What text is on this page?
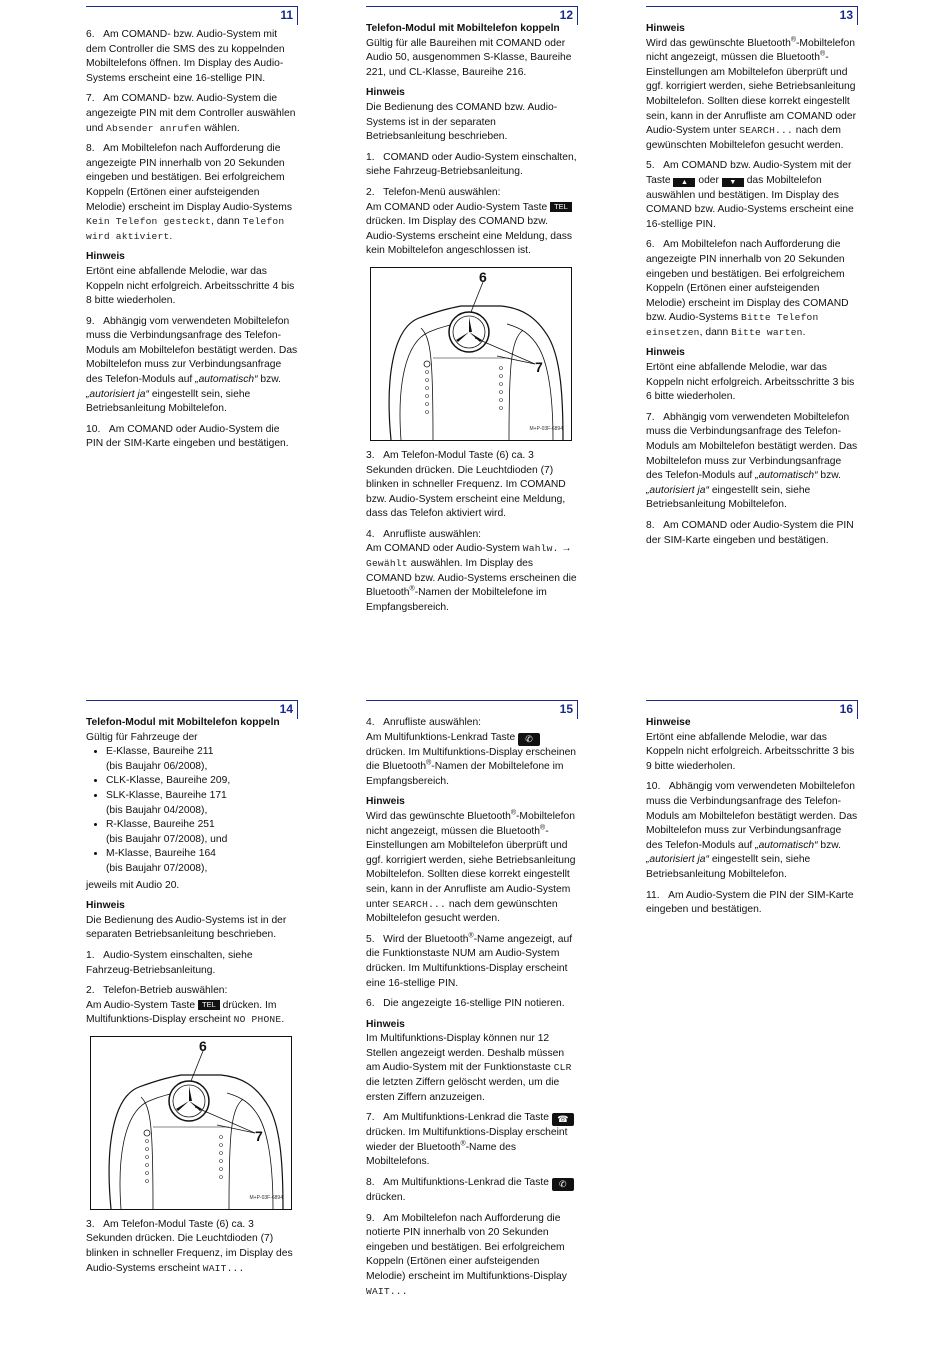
11

6.   Am COMAND- bzw. Audio-System mit dem Controller die SMS des zu koppelnden Mobiltelefons öffnen. Im Display des Audio-Systems erscheint eine 16-stellige PIN.

7.   Am COMAND- bzw. Audio-System die angezeigte PIN mit dem Controller auswählen und Absender anrufen wählen.

8.   Am Mobiltelefon nach Aufforderung die angezeigte PIN innerhalb von 20 Sekunden eingeben und bestätigen. Bei erfolgreichem Koppeln (Ertönen einer aufsteigenden Melodie) erscheint im Display Audio-Systems Kein Telefon gesteckt, dann Telefon wird aktiviert.

Hinweis

Ertönt eine abfallende Melodie, war das Koppeln nicht erfolgreich. Arbeitsschritte 4 bis 8 bitte wiederholen.

9.   Abhängig vom verwendeten Mobiltelefon muss die Verbindungsanfrage des Telefon-Moduls am Mobiltelefon bestätigt werden. Das Mobiltelefon muss zur Verbindungsanfrage des Telefon-Moduls auf „automatisch“ bzw. „autorisiert ja“ eingestellt sein, siehe Betriebsanleitung Mobiltelefon.

10.   Am COMAND oder Audio-System die PIN der SIM-Karte eingeben und bestätigen.

12
Telefon-Modul mit Mobiltelefon koppeln

Gültig für alle Baureihen mit COMAND oder Audio 50, ausgenommen S-Klasse, Baureihe 221, und CL-Klasse, Baureihe 216.

Hinweis

Die Bedienung des COMAND bzw. Audio-Systems ist in der separaten Betriebsanleitung beschrieben.

1.   COMAND oder Audio-System einschalten, siehe Fahrzeug-Betriebsanleitung.

2.   Telefon-Menü auswählen:
Am COMAND oder Audio-System Taste TEL drücken. Im Display des COMAND bzw. Audio-Systems erscheint eine Meldung, dass kein Mobiltelefon angeschlossen ist.

6
7
M+P-03F-6894

3.   Am Telefon-Modul Taste (6) ca. 3 Sekunden drücken. Die Leuchtdioden (7) blinken in schneller Frequenz. Im COMAND bzw. Audio-System erscheint eine Meldung, dass das Telefon aktiviert wird.

4.   Anrufliste auswählen:
Am COMAND oder Audio-System Wahlw. → Gewählt auswählen. Im Display des COMAND bzw. Audio-Systems erscheinen die Bluetooth®-Namen der Mobiltelefone im Empfangsbereich.

13
Hinweis

Wird das gewünschte Bluetooth®-Mobiltelefon nicht angezeigt, müssen die Bluetooth®-Einstellungen am Mobiltelefon überprüft und ggf. korrigiert werden, siehe Betriebsanleitung Mobiltelefon. Sollten diese korrekt eingestellt sein, kann in der Anrufliste am COMAND oder Audio-System unter SEARCH... nach dem gewünschten Mobiltelefon gesucht werden.

5.   Am COMAND bzw. Audio-System mit der Taste ▲ oder ▼ das Mobiltelefon auswählen und bestätigen. Im Display des COMAND bzw. Audio-Systems erscheint eine 16-stellige PIN.

6.   Am Mobiltelefon nach Aufforderung die angezeigte PIN innerhalb von 20 Sekunden eingeben und bestätigen. Bei erfolgreichem Koppeln (Ertönen einer aufsteigenden Melodie) erscheint im Display des COMAND bzw. Audio-Systems Bitte Telefon einsetzen, dann Bitte warten.

Hinweis

Ertönt eine abfallende Melodie, war das Koppeln nicht erfolgreich. Arbeitsschritte 3 bis 6 bitte wiederholen.

7.   Abhängig vom verwendeten Mobiltelefon muss die Verbindungsanfrage des Telefon-Moduls am Mobiltelefon bestätigt werden. Das Mobiltelefon muss zur Verbindungsanfrage des Telefon-Moduls auf „automatisch“ bzw. „autorisiert ja“ eingestellt sein, siehe Betriebsanleitung Mobiltelefon.

8.   Am COMAND oder Audio-System die PIN der SIM-Karte eingeben und bestätigen.

14
Telefon-Modul mit Mobiltelefon koppeln
Gültig für Fahrzeuge der
• E-Klasse, Baureihe 211
(bis Baujahr 06/2008),
• CLK-Klasse, Baureihe 209,
• SLK-Klasse, Baureihe 171
(bis Baujahr 04/2008),
• R-Klasse, Baureihe 251
(bis Baujahr 07/2008), und
• M-Klasse, Baureihe 164
(bis Baujahr 07/2008),

jeweils mit Audio 20.

Hinweis

Die Bedienung des Audio-Systems ist in der separaten Betriebsanleitung beschrieben.

1.   Audio-System einschalten, siehe Fahrzeug-Betriebsanleitung.

2.   Telefon-Betrieb auswählen:
Am Audio-System Taste TEL drücken. Im Multifunktions-Display erscheint NO PHONE.

6
7
M+P-03F-6894

3.   Am Telefon-Modul Taste (6) ca. 3 Sekunden drücken. Die Leuchtdioden (7) blinken in schneller Frequenz, im Display des Audio-Systems erscheint WAIT...

15

4.   Anrufliste auswählen:
Am Multifunktions-Lenkrad Taste ✆ drücken. Im Multifunktions-Display erscheinen die Bluetooth®-Namen der Mobiltelefone im Empfangsbereich.

Hinweis

Wird das gewünschte Bluetooth®-Mobiltelefon nicht angezeigt, müssen die Bluetooth®-Einstellungen am Mobiltelefon überprüft und ggf. korrigiert werden, siehe Betriebsanleitung Mobiltelefon. Sollten diese korrekt eingestellt sein, kann in der Anrufliste am Audio-System unter SEARCH... nach dem gewünschten Mobiltelefon gesucht werden.

5.   Wird der Bluetooth®-Name angezeigt, auf die Funktionstaste NUM am Audio-System drücken. Im Multifunktions-Display erscheint eine 16-stellige PIN.

6.   Die angezeigte 16-stellige PIN notieren.

Hinweis

Im Multifunktions-Display können nur 12 Stellen angezeigt werden. Deshalb müssen am Audio-System mit der Funktionstaste CLR die letzten Ziffern gelöscht werden, um die ersten Ziffern anzuzeigen.

7.   Am Multifunktions-Lenkrad die Taste ☎ drücken. Im Multifunktions-Display erscheint wieder der Bluetooth®-Name des Mobiltelefons.

8.   Am Multifunktions-Lenkrad die Taste ✆ drücken.

9.   Am Mobiltelefon nach Aufforderung die notierte PIN innerhalb von 20 Sekunden eingeben und bestätigen. Bei erfolgreichem Koppeln (Ertönen einer aufsteigenden Melodie) erscheint im Multifunktions-Display WAIT...

16
Hinweise

Ertönt eine abfallende Melodie, war das Koppeln nicht erfolgreich. Arbeitsschritte 3 bis 9 bitte wiederholen.

10.   Abhängig vom verwendeten Mobiltelefon muss die Verbindungsanfrage des Telefon-Moduls am Mobiltelefon bestätigt werden. Das Mobiltelefon muss zur Verbindungsanfrage des Telefon-Moduls auf „automatisch“ bzw. „autorisiert ja“ eingestellt sein, siehe Betriebsanleitung Mobiltelefon.

11.   Am Audio-System die PIN der SIM-Karte eingeben und bestätigen.
